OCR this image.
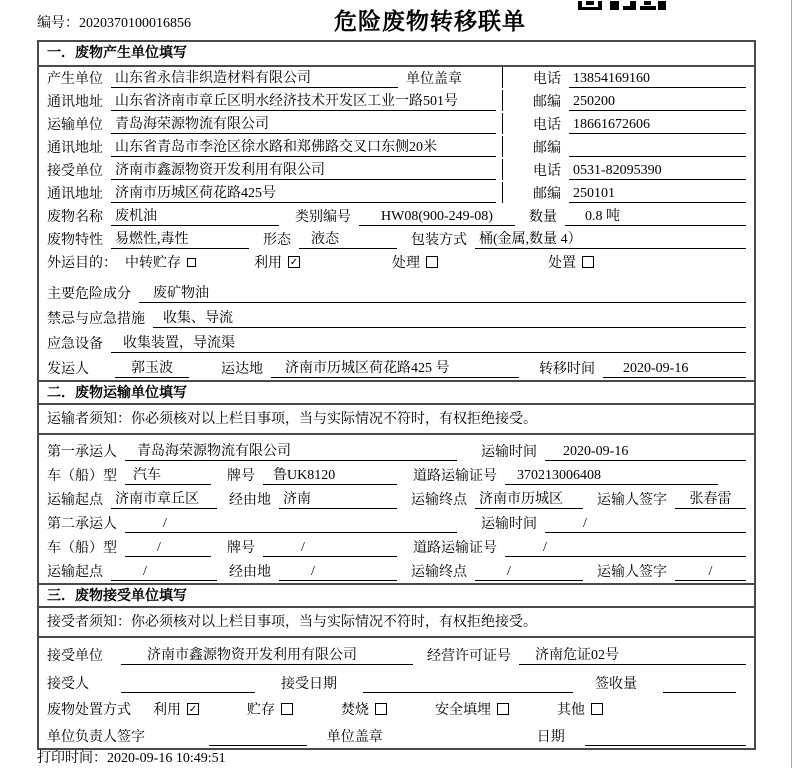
编号：2020370100016856	危险废物转移联单
一．废物产生单位填写
产生单位 山东省永信非织造材料有限公司	单位盖章	电话 13854169160
通讯地址 山东省济南市章丘区明水经济技术开发区工业一路501号	邮编 250200
运输单位 青岛海荣源物流有限公司	电话 18661672606
通讯地址 山东省青岛市李沧区徐水路和郑佛路交叉口东侧20米	邮编
接受单位 济南市鑫源物资开发利用有限公司	电话 0531-82095390
通讯地址 济南市历城区荷花路425号	邮编 250101
废物名称 废机油	类别编号	HW08(900-249-08)	数量	0.8 吨
废物特性 易燃性,毒性	形态	液态	包装方式 桶(金属,数量 4）
外运目的： 中转贮存	利用 ✓	处理	处置
主要危险成分	废矿物油
禁忌与应急措施	收集、导流
应急设备	收集装置，导流渠
发运人	郭玉波	运达地	济南市历城区荷花路425 号	转移时间	2020-09-16
二．废物运输单位填写
运输者须知：你必须核对以上栏目事项，当与实际情况不符时，有权拒绝接受。
第一承运人	青岛海荣源物流有限公司	运输时间	2020-09-16
车（船）型	汽车	牌号	鲁UK8120	道路运输证号	370213006408
运输起点 济南市章丘区	经由地 济南	运输终点 济南市历城区	运输人签字	张春雷
第二承运人	/	运输时间	/
车（船）型	/	牌号	/	道路运输证号	/
运输起点	/	经由地	/	运输终点	/	运输人签字	/
三．废物接受单位填写
接受者须知：你必须核对以上栏目事项，当与实际情况不符时，有权拒绝接受。
接受单位	济南市鑫源物资开发利用有限公司	经营许可证号	济南危证02号
接受人	接受日期	签收量
废物处置方式 利用 ✓	贮存	焚烧	安全填埋	其他
单位负责人签字	单位盖章	日期
打印时间：2020-09-16 10:49:51
